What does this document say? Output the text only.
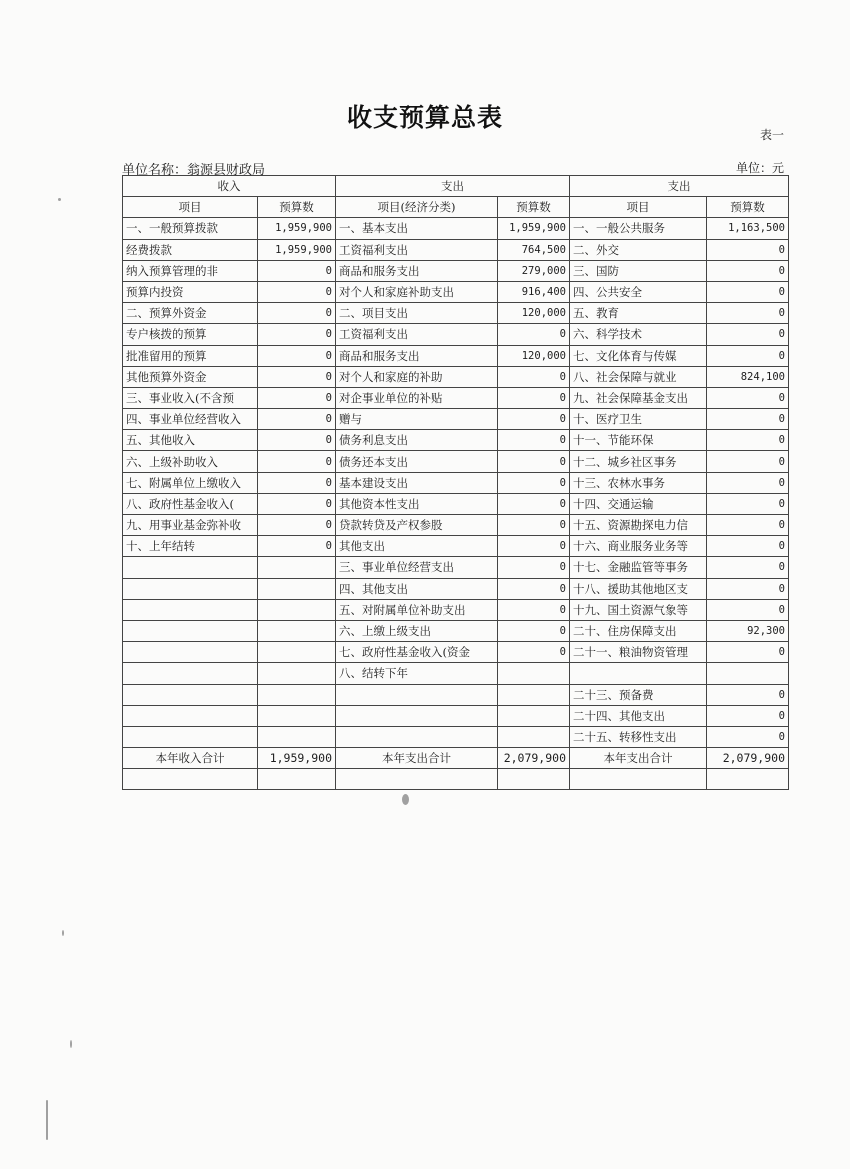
收支预算总表
表一
单位名称：翁源县财政局	单位：元
收入		支出		支出	
项目	预算数	项目(经济分类)	预算数	项目	预算数
一、一般预算拨款	1,959,900	一、基本支出	1,959,900	一、一般公共服务	1,163,500
经费拨款	1,959,900	工资福利支出	764,500	二、外交	0
纳入预算管理的非	0	商品和服务支出	279,000	三、国防	0
预算内投资	0	对个人和家庭补助支出	916,400	四、公共安全	0
二、预算外资金	0	二、项目支出	120,000	五、教育	0
专户核拨的预算	0	工资福利支出	0	六、科学技术	0
批准留用的预算	0	商品和服务支出	120,000	七、文化体育与传媒	0
其他预算外资金	0	对个人和家庭的补助	0	八、社会保障与就业	824,100
三、事业收入(不含预	0	对企事业单位的补贴	0	九、社会保障基金支出	0
四、事业单位经营收入	0	赠与	0	十、医疗卫生	0
五、其他收入	0	债务利息支出	0	十一、节能环保	0
六、上级补助收入	0	债务还本支出	0	十二、城乡社区事务	0
七、附属单位上缴收入	0	基本建设支出	0	十三、农林水事务	0
八、政府性基金收入(	0	其他资本性支出	0	十四、交通运输	0
九、用事业基金弥补收	0	贷款转贷及产权参股	0	十五、资源勘探电力信	0
十、上年结转	0	其他支出	0	十六、商业服务业务等	0
		三、事业单位经营支出	0	十七、金融监管等事务	0
		四、其他支出	0	十八、援助其他地区支	0
		五、对附属单位补助支出	0	十九、国土资源气象等	0
		六、上缴上级支出	0	二十、住房保障支出	92,300
		七、政府性基金收入(资金	0	二十一、粮油物资管理	0
		八、结转下年			
				二十三、预备费	0
				二十四、其他支出	0
				二十五、转移性支出	0
本年收入合计	1,959,900	本年支出合计	2,079,900	本年支出合计	2,079,900
